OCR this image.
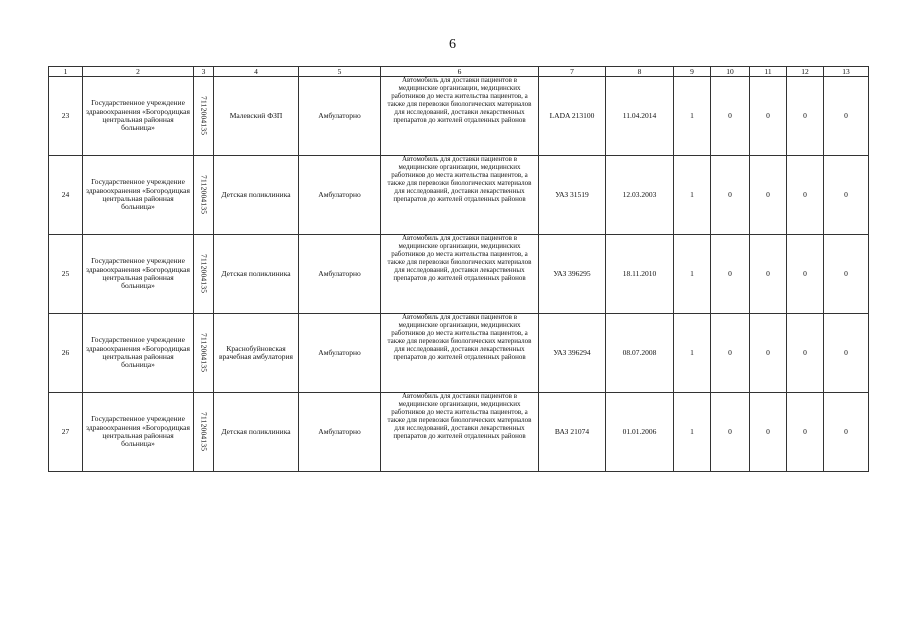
6
1	2	3	4	5	6	7	8	9	10	11	12	13
23	Государственное учреждение здравоохранения «Богородицкая центральная районная больница»	7112004135	Малевский ФЗП	Амбулаторно	Автомобиль для доставки пациентов в медицинские организации, медицинских работников до места жительства пациентов, а также для перевозки биологических материалов для исследований, доставки лекарственных препаратов до жителей отдаленных районов	LADA 213100	11.04.2014	1	0	0	0	0
24	Государственное учреждение здравоохранения «Богородицкая центральная районная больница»	7112004135	Детская поликлиника	Амбулаторно	Автомобиль для доставки пациентов в медицинские организации, медицинских работников до места жительства пациентов, а также для перевозки биологических материалов для исследований, доставки лекарственных препаратов до жителей отдаленных районов	УАЗ 31519	12.03.2003	1	0	0	0	0
25	Государственное учреждение здравоохранения «Богородицкая центральная районная больница»	7112004135	Детская поликлиника	Амбулаторно	Автомобиль для доставки пациентов в медицинские организации, медицинских работников до места жительства пациентов, а также для перевозки биологических материалов для исследований, доставки лекарственных препаратов до жителей отдаленных районов	УАЗ 396295	18.11.2010	1	0	0	0	0
26	Государственное учреждение здравоохранения «Богородицкая центральная районная больница»	7112004135	Краснобуйновская врачебная амбулатория	Амбулаторно	Автомобиль для доставки пациентов в медицинские организации, медицинских работников до места жительства пациентов, а также для перевозки биологических материалов для исследований, доставки лекарственных препаратов до жителей отдаленных районов	УАЗ 396294	08.07.2008	1	0	0	0	0
27	Государственное учреждение здравоохранения «Богородицкая центральная районная больница»	7112004135	Детская поликлиника	Амбулаторно	Автомобиль для доставки пациентов в медицинские организации, медицинских работников до места жительства пациентов, а также для перевозки биологических материалов для исследований, доставки лекарственных препаратов до жителей отдаленных районов	ВАЗ 21074	01.01.2006	1	0	0	0	0
